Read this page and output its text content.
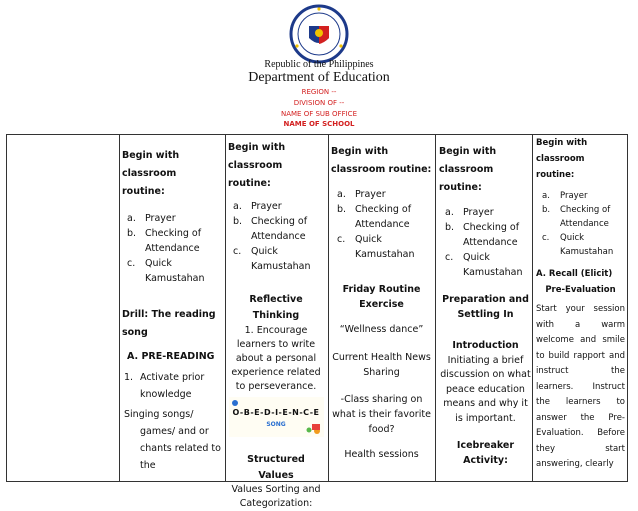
Republic of the Philippines
Department of Education
REGION --
DIVISION OF --
NAME OF SUB OFFICE
NAME OF SCHOOL
Begin with classroom routine:
a. Prayer
b. Checking of Attendance
c. Quick Kamustahan
Drill: The reading song
A. PRE-READING
1. Activate prior knowledge
Singing songs/ games/ and or chants related to the
Begin with classroom routine:
a. Prayer
b. Checking of Attendance
c. Quick Kamustahan
Reflective Thinking
1. Encourage learners to write about a personal experience related to perseverance.
O-B-E-D-I-E-N-C-E
SONG
Structured Values
Values Sorting and Categorization:
Begin with classroom routine:
a. Prayer
b. Checking of Attendance
c. Quick Kamustahan
Friday Routine Exercise
“Wellness dance”
Current Health News Sharing
-Class sharing on what is their favorite food?
Health sessions
Begin with classroom routine:
a. Prayer
b. Checking of Attendance
c. Quick Kamustahan
Preparation and Settling In
Introduction
Initiating a brief discussion on what peace education means and why it is important.
Icebreaker Activity:
Begin with classroom routine:
a. Prayer
b. Checking of Attendance
c. Quick Kamustahan
A. Recall (Elicit)
Pre-Evaluation
Start your session with a warm welcome and smile to build rapport and instruct the learners. Instruct the learners to answer the Pre-Evaluation. Before they start answering, clearly
